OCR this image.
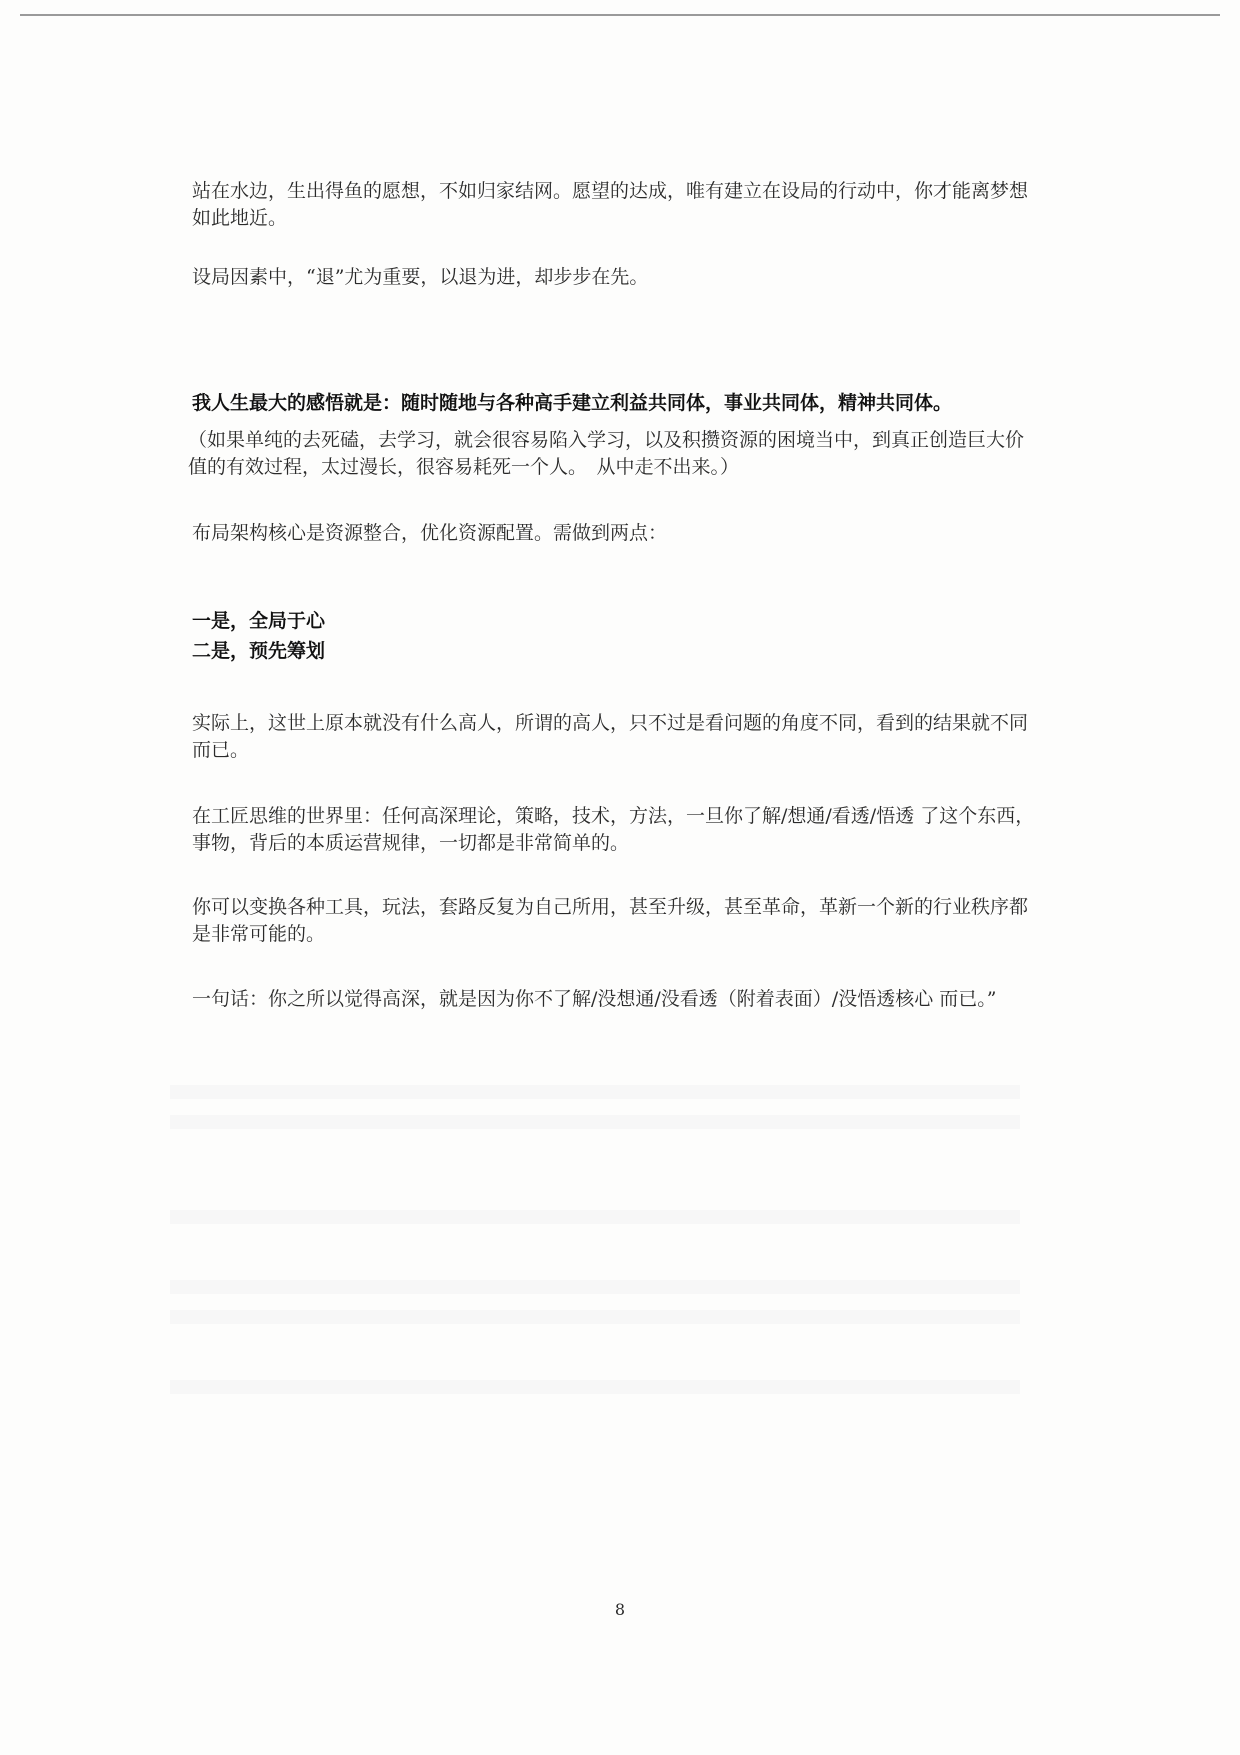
站在水边，生出得鱼的愿想，不如归家结网。愿望的达成，唯有建立在设局的行动中，你才能离梦想如此地近。

设局因素中，“退”尤为重要，以退为进，却步步在先。

我人生最大的感悟就是：随时随地与各种高手建立利益共同体，事业共同体，精神共同体。

（如果单纯的去死磕，去学习，就会很容易陷入学习，以及积攒资源的困境当中，到真正创造巨大价值的有效过程，太过漫长，很容易耗死一个人。　从中走不出来。）

布局架构核心是资源整合，优化资源配置。需做到两点：

一是，全局于心

二是，预先筹划

实际上，这世上原本就没有什么高人，所谓的高人，只不过是看问题的角度不同，看到的结果就不同而已。

在工匠思维的世界里：任何高深理论，策略，技术，方法，一旦你了解/想通/看透/悟透 了这个东西，事物，背后的本质运营规律，一切都是非常简单的。

你可以变换各种工具，玩法，套路反复为自己所用，甚至升级，甚至革命，革新一个新的行业秩序都是非常可能的。

一句话：你之所以觉得高深，就是因为你不了解/没想通/没看透（附着表面）/没悟透核心 而已。”

8
